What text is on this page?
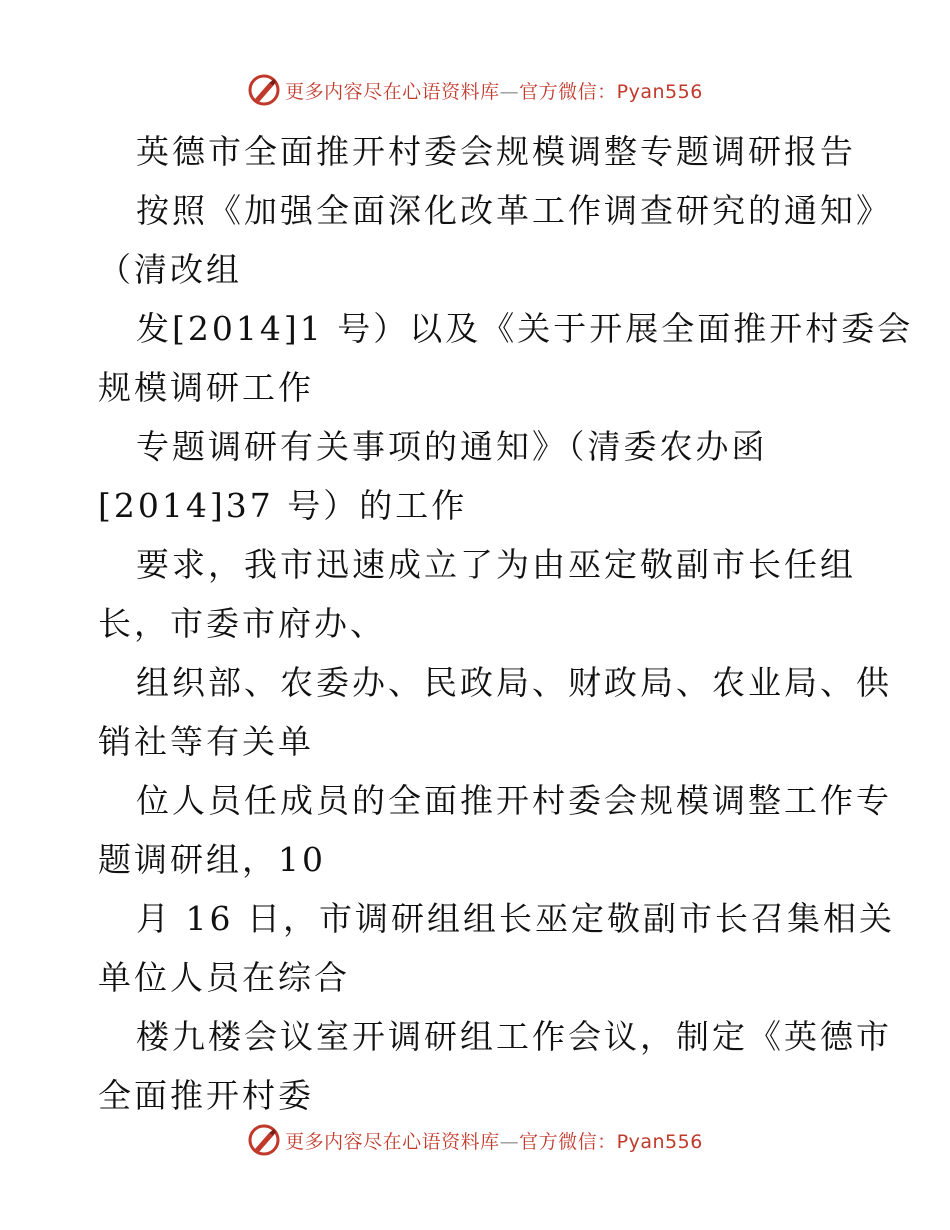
更多内容尽在心语资料库—官方微信：Pyan556
英德市全面推开村委会规模调整专题调研报告
按照《加强全面深化改革工作调查研究的通知》
（清改组
发[2014]1 号）以及《关于开展全面推开村委会
规模调研工作
专题调研有关事项的通知》（清委农办函
[2014]37 号）的工作
要求，我市迅速成立了为由巫定敬副市长任组
长，市委市府办、
组织部、农委办、民政局、财政局、农业局、供
销社等有关单
位人员任成员的全面推开村委会规模调整工作专
题调研组，10
月 16 日，市调研组组长巫定敬副市长召集相关
单位人员在综合
楼九楼会议室开调研组工作会议，制定《英德市
全面推开村委
更多内容尽在心语资料库—官方微信：Pyan556
